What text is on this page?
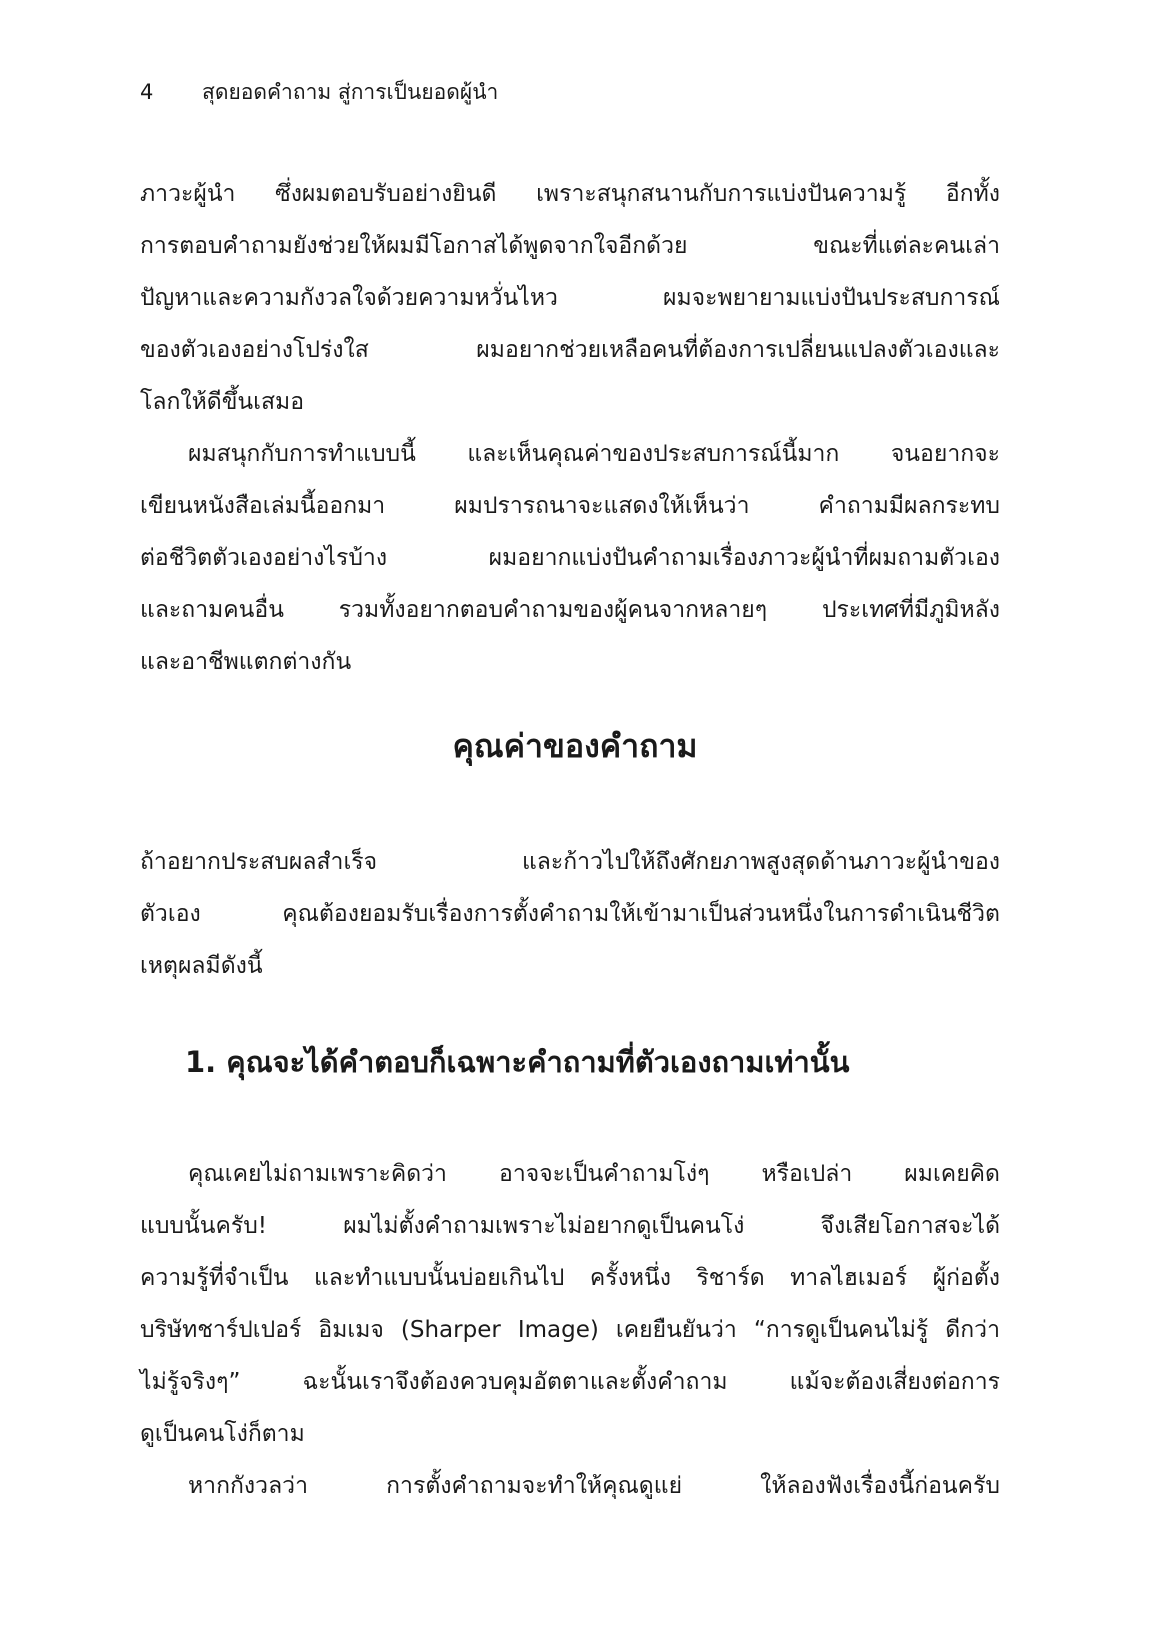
4 สุดยอดคำถาม สู่การเป็นยอดผู้นำ
ภาวะผู้นำ ซึ่งผมตอบรับอย่างยินดี เพราะสนุกสนานกับการแบ่งปันความรู้ อีกทั้ง
การตอบคำถามยังช่วยให้ผมมีโอกาสได้พูดจากใจอีกด้วย ขณะที่แต่ละคนเล่า
ปัญหาและความกังวลใจด้วยความหวั่นไหว ผมจะพยายามแบ่งปันประสบการณ์
ของตัวเองอย่างโปร่งใส ผมอยากช่วยเหลือคนที่ต้องการเปลี่ยนแปลงตัวเองและ
โลกให้ดีขึ้นเสมอ
ผมสนุกกับการทำแบบนี้ และเห็นคุณค่าของประสบการณ์นี้มาก จนอยากจะ
เขียนหนังสือเล่มนี้ออกมา ผมปรารถนาจะแสดงให้เห็นว่า คำถามมีผลกระทบ
ต่อชีวิตตัวเองอย่างไรบ้าง ผมอยากแบ่งปันคำถามเรื่องภาวะผู้นำที่ผมถามตัวเอง
และถามคนอื่น รวมทั้งอยากตอบคำถามของผู้คนจากหลายๆ ประเทศที่มีภูมิหลัง
และอาชีพแตกต่างกัน
คุณค่าของคำถาม
ถ้าอยากประสบผลสำเร็จ และก้าวไปให้ถึงศักยภาพสูงสุดด้านภาวะผู้นำของ
ตัวเอง คุณต้องยอมรับเรื่องการตั้งคำถามให้เข้ามาเป็นส่วนหนึ่งในการดำเนินชีวิต
เหตุผลมีดังนี้
1. คุณจะได้คำตอบก็เฉพาะคำถามที่ตัวเองถามเท่านั้น
คุณเคยไม่ถามเพราะคิดว่า อาจจะเป็นคำถามโง่ๆ หรือเปล่า ผมเคยคิด
แบบนั้นครับ! ผมไม่ตั้งคำถามเพราะไม่อยากดูเป็นคนโง่ จึงเสียโอกาสจะได้
ความรู้ที่จำเป็น และทำแบบนั้นบ่อยเกินไป ครั้งหนึ่ง ริชาร์ด ทาลไฮเมอร์ ผู้ก่อตั้ง
บริษัทชาร์ปเปอร์ อิมเมจ (Sharper Image) เคยยืนยันว่า “การดูเป็นคนไม่รู้ ดีกว่า
ไม่รู้จริงๆ” ฉะนั้นเราจึงต้องควบคุมอัตตาและตั้งคำถาม แม้จะต้องเสี่ยงต่อการ
ดูเป็นคนโง่ก็ตาม
หากกังวลว่า การตั้งคำถามจะทำให้คุณดูแย่ ให้ลองฟังเรื่องนี้ก่อนครับ
